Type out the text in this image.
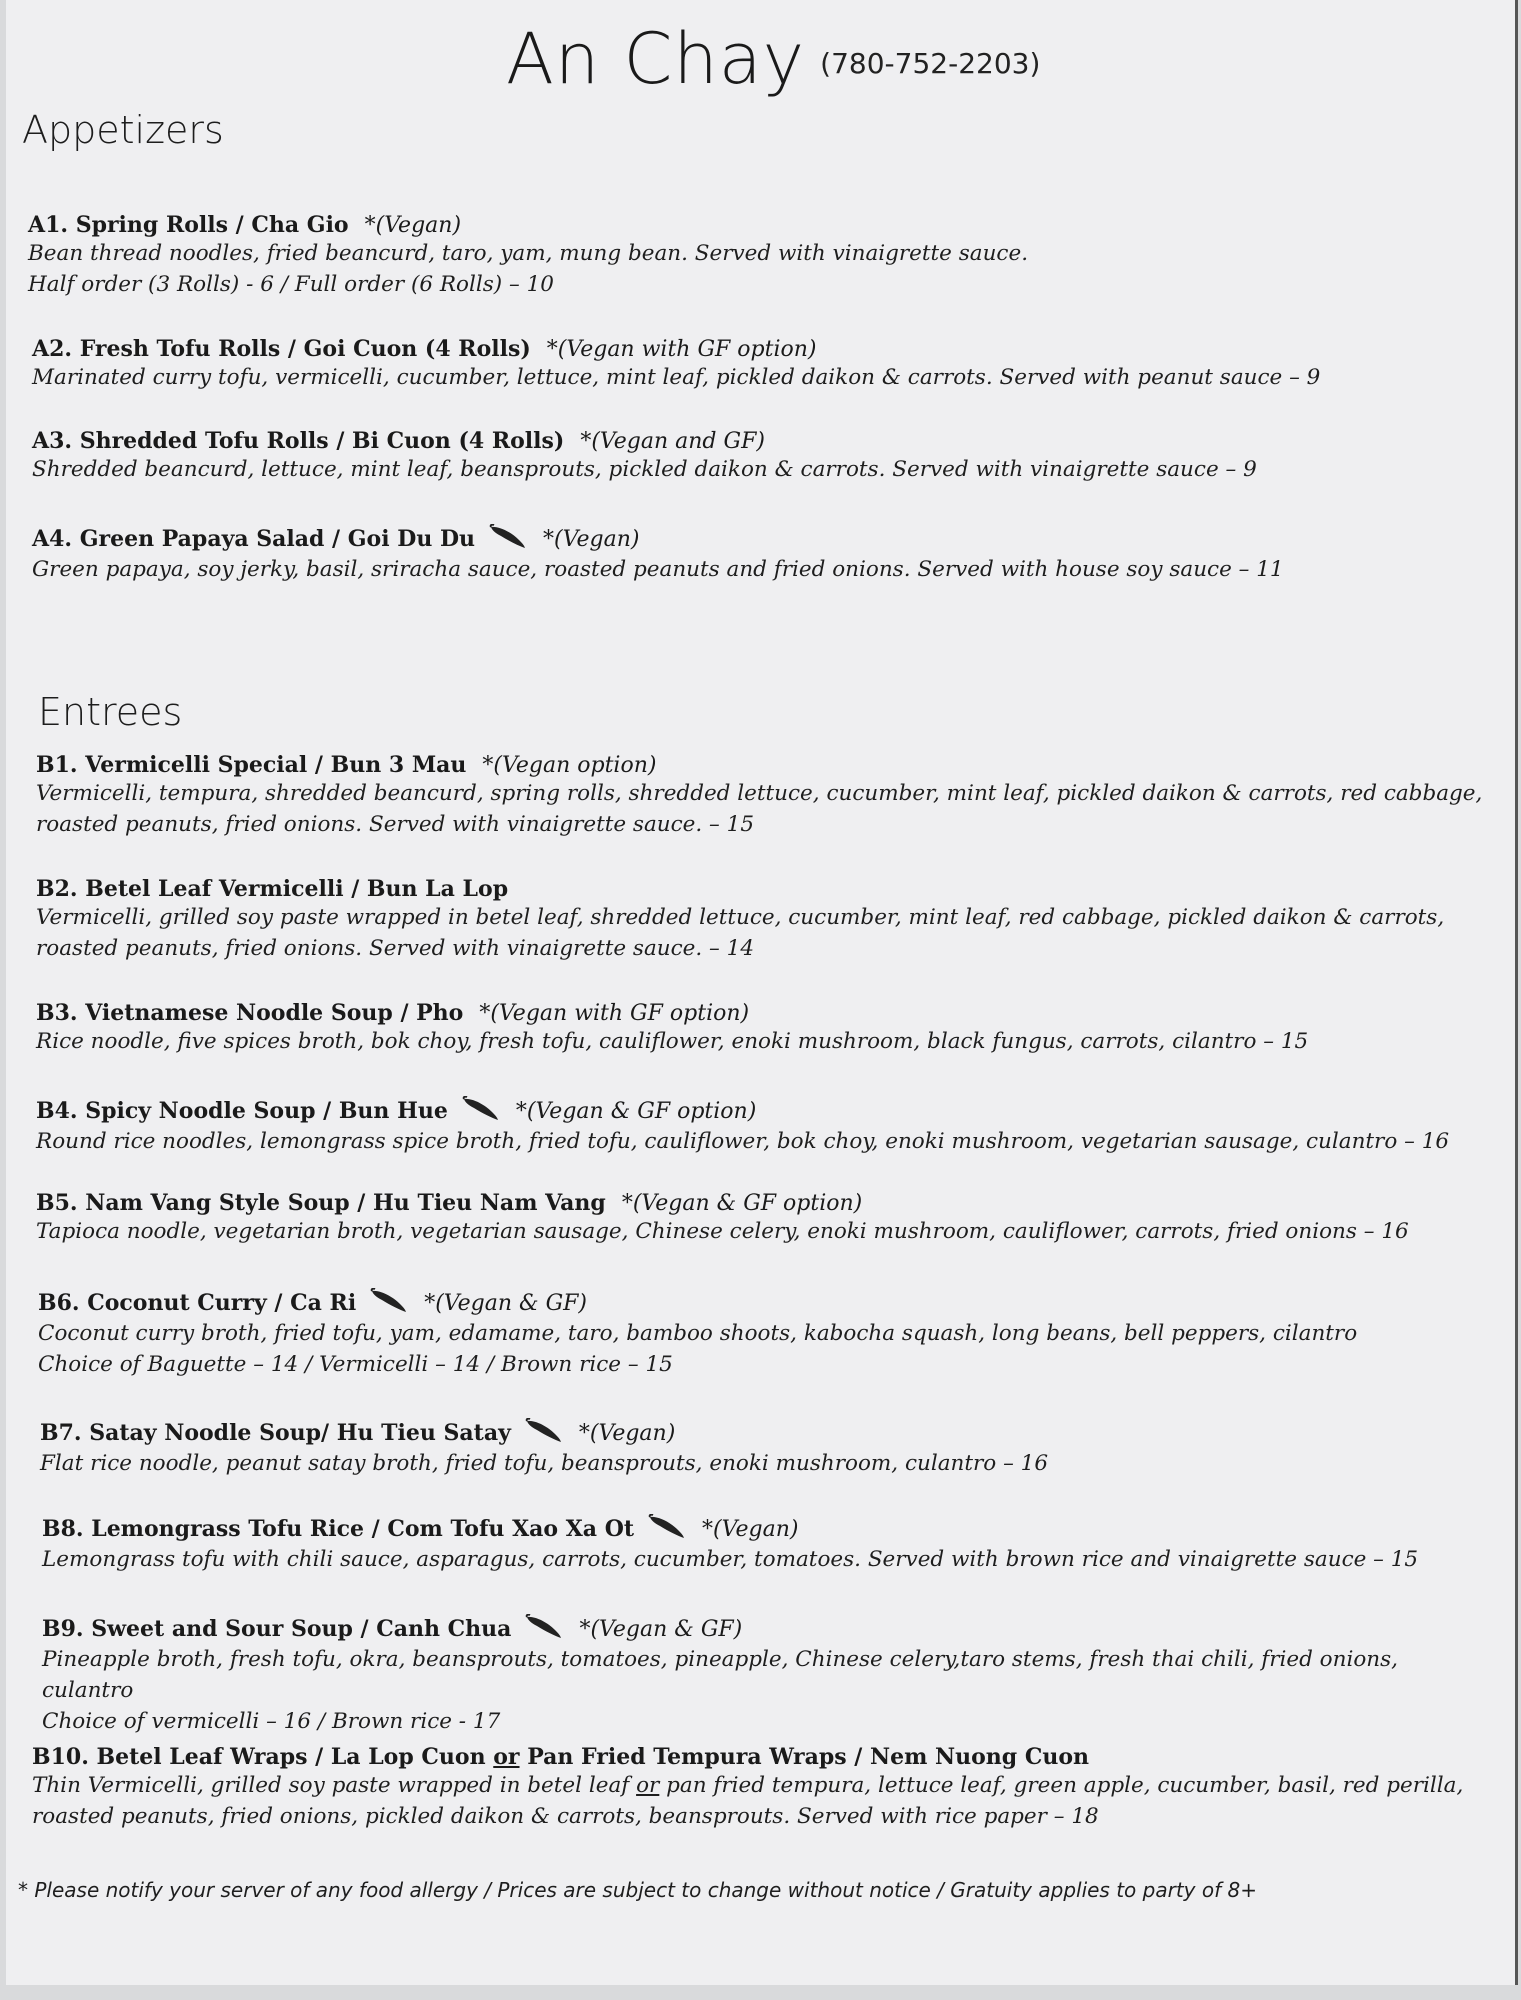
An Chay (780-752-2203)
Appetizers
A1. Spring Rolls / Cha Gio *(Vegan)
Bean thread noodles, fried beancurd, taro, yam, mung bean. Served with vinaigrette sauce.
Half order (3 Rolls) - 6 / Full order (6 Rolls) – 10
A2. Fresh Tofu Rolls / Goi Cuon (4 Rolls) *(Vegan with GF option)
Marinated curry tofu, vermicelli, cucumber, lettuce, mint leaf, pickled daikon & carrots. Served with peanut sauce – 9
A3. Shredded Tofu Rolls / Bi Cuon (4 Rolls) *(Vegan and GF)
Shredded beancurd, lettuce, mint leaf, beansprouts, pickled daikon & carrots. Served with vinaigrette sauce – 9
A4. Green Papaya Salad / Goi Du Du	*(Vegan)
Green papaya, soy jerky, basil, sriracha sauce, roasted peanuts and fried onions. Served with house soy sauce – 11
Entrees
B1. Vermicelli Special / Bun 3 Mau *(Vegan option)
Vermicelli, tempura, shredded beancurd, spring rolls, shredded lettuce, cucumber, mint leaf, pickled daikon & carrots, red cabbage,
roasted peanuts, fried onions. Served with vinaigrette sauce. – 15
B2. Betel Leaf Vermicelli / Bun La Lop
Vermicelli, grilled soy paste wrapped in betel leaf, shredded lettuce, cucumber, mint leaf, red cabbage, pickled daikon & carrots,
roasted peanuts, fried onions. Served with vinaigrette sauce. – 14
B3. Vietnamese Noodle Soup / Pho *(Vegan with GF option)
Rice noodle, five spices broth, bok choy, fresh tofu, cauliflower, enoki mushroom, black fungus, carrots, cilantro – 15
B4. Spicy Noodle Soup / Bun Hue	*(Vegan & GF option)
Round rice noodles, lemongrass spice broth, fried tofu, cauliflower, bok choy, enoki mushroom, vegetarian sausage, culantro – 16
B5. Nam Vang Style Soup / Hu Tieu Nam Vang *(Vegan & GF option)
Tapioca noodle, vegetarian broth, vegetarian sausage, Chinese celery, enoki mushroom, cauliflower, carrots, fried onions – 16
B6. Coconut Curry / Ca Ri	*(Vegan & GF)
Coconut curry broth, fried tofu, yam, edamame, taro, bamboo shoots, kabocha squash, long beans, bell peppers, cilantro
Choice of Baguette – 14 / Vermicelli – 14 / Brown rice – 15
B7. Satay Noodle Soup/ Hu Tieu Satay	*(Vegan)
Flat rice noodle, peanut satay broth, fried tofu, beansprouts, enoki mushroom, culantro – 16
B8. Lemongrass Tofu Rice / Com Tofu Xao Xa Ot	*(Vegan)
Lemongrass tofu with chili sauce, asparagus, carrots, cucumber, tomatoes. Served with brown rice and vinaigrette sauce – 15
B9. Sweet and Sour Soup / Canh Chua	*(Vegan & GF)
Pineapple broth, fresh tofu, okra, beansprouts, tomatoes, pineapple, Chinese celery,taro stems, fresh thai chili, fried onions, culantro
Choice of vermicelli – 16 / Brown rice - 17
B10. Betel Leaf Wraps / La Lop Cuon or Pan Fried Tempura Wraps / Nem Nuong Cuon
Thin Vermicelli, grilled soy paste wrapped in betel leaf or pan fried tempura, lettuce leaf, green apple, cucumber, basil, red perilla,
roasted peanuts, fried onions, pickled daikon & carrots, beansprouts. Served with rice paper – 18
* Please notify your server of any food allergy / Prices are subject to change without notice / Gratuity applies to party of 8+
